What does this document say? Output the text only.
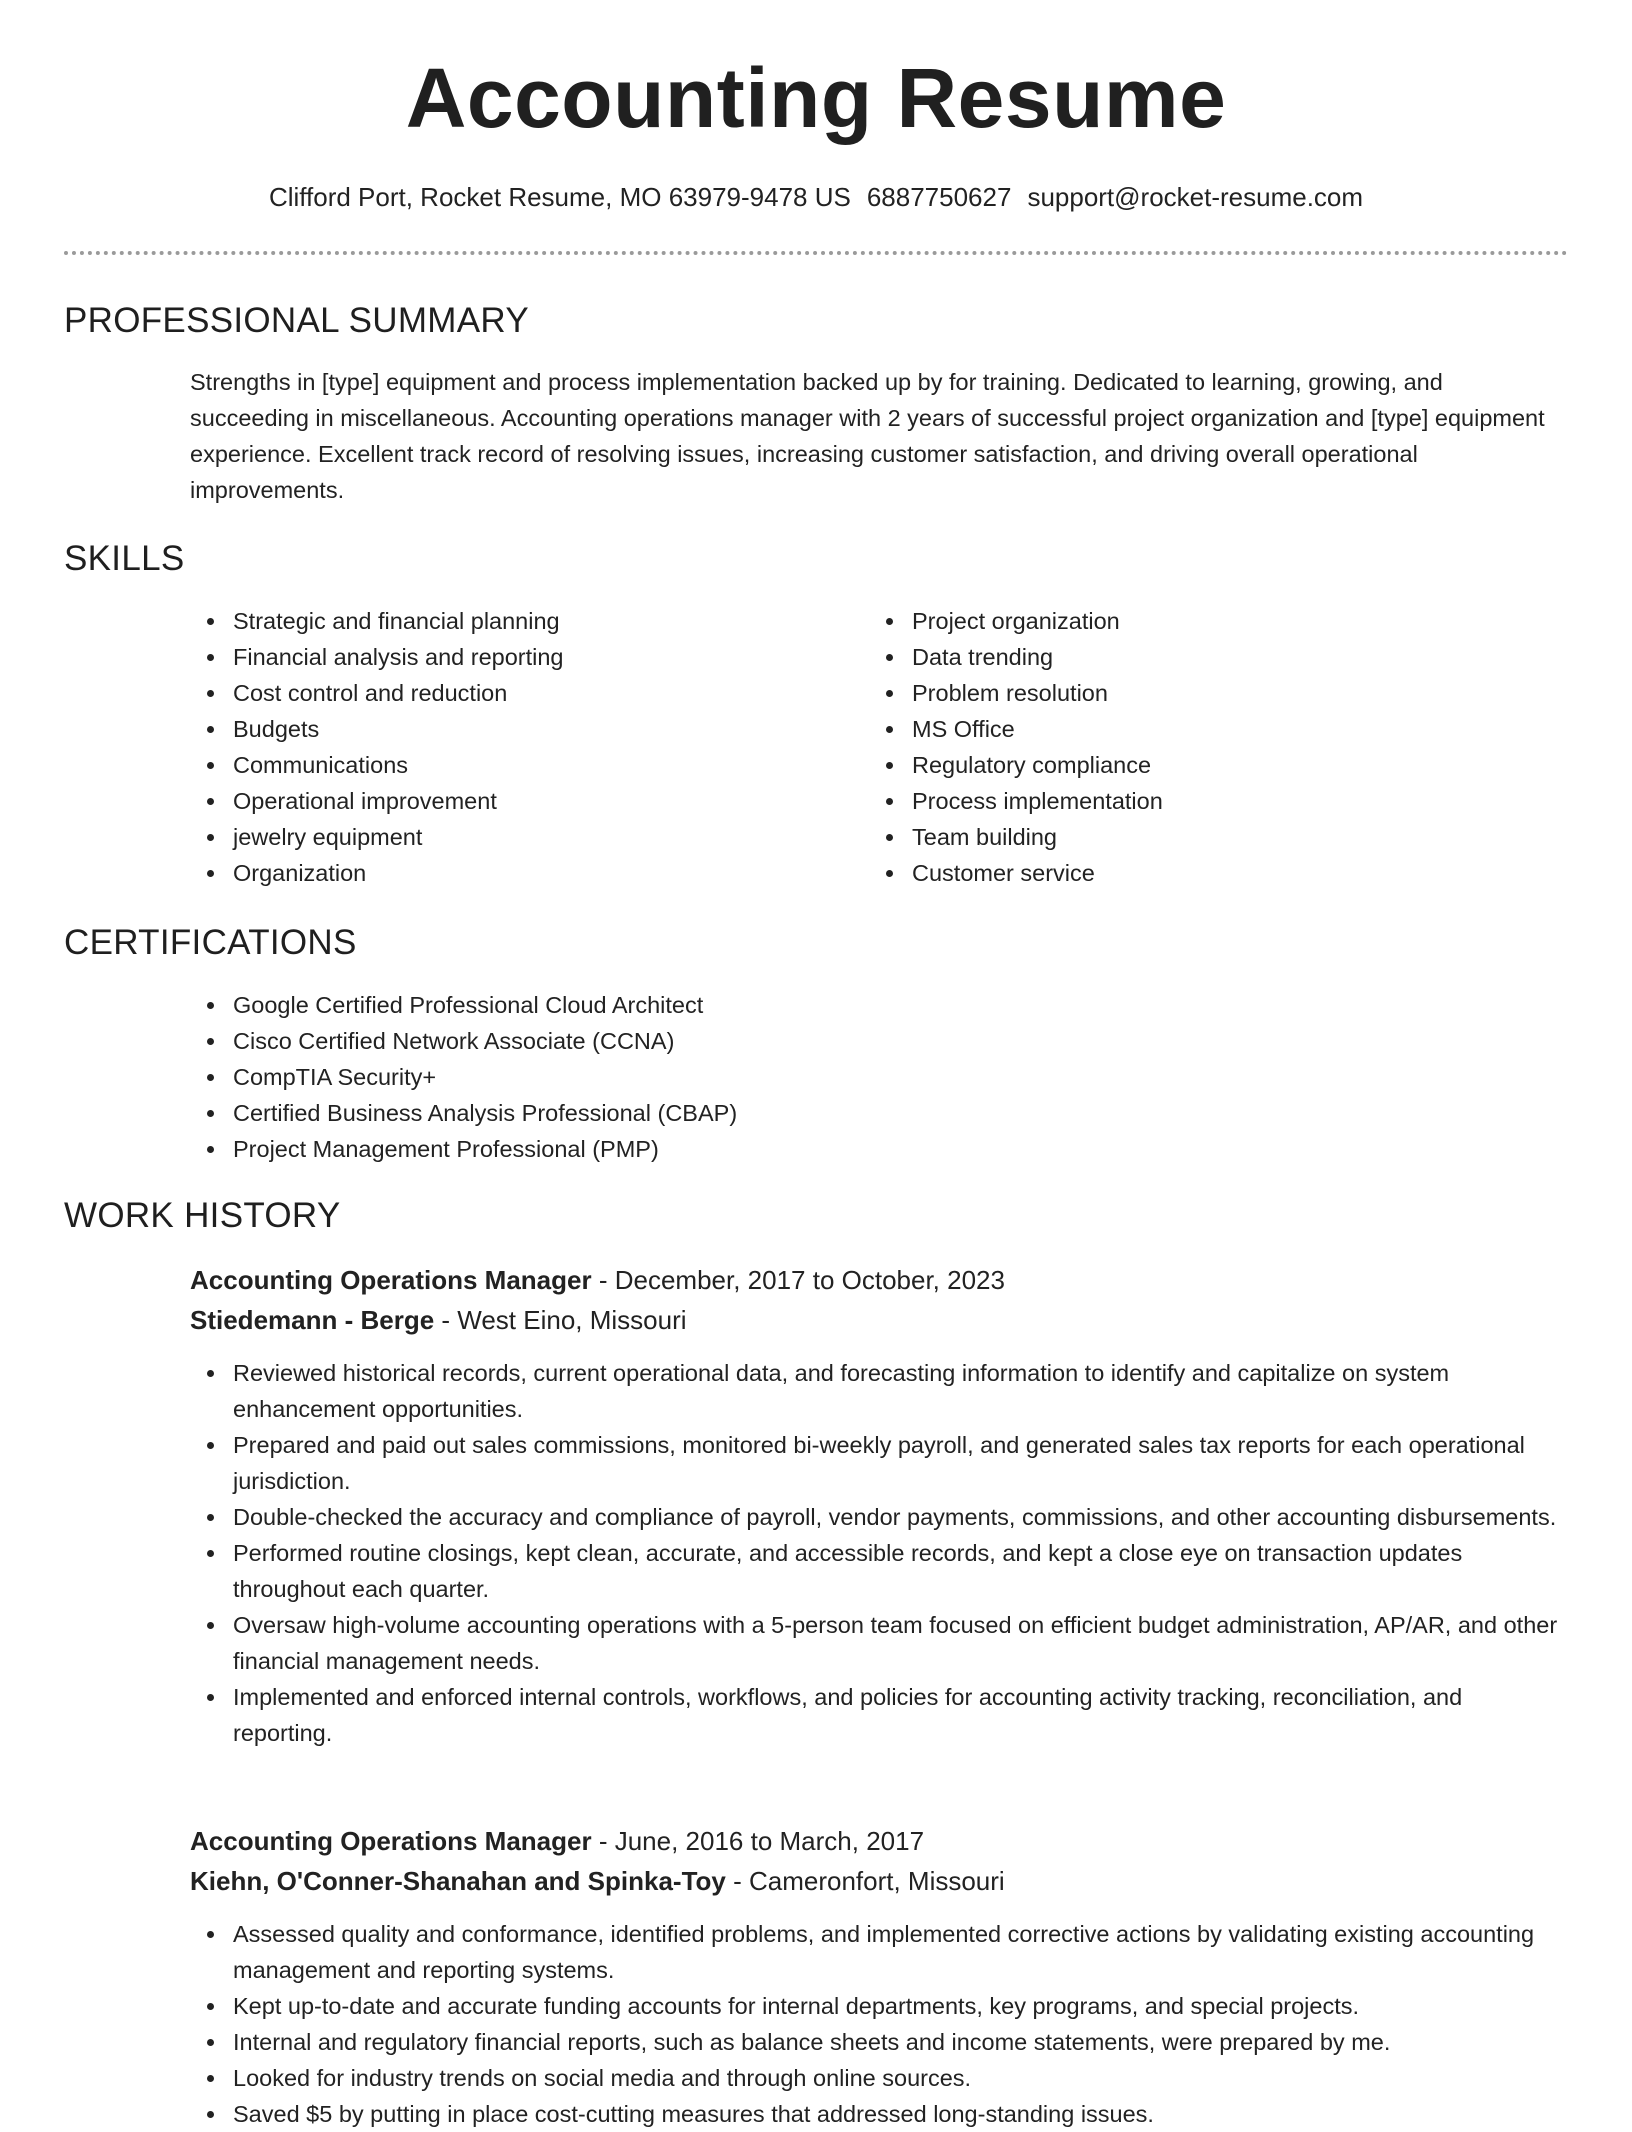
Accounting Resume
Clifford Port, Rocket Resume, MO 63979-9478 US 6887750627 support@rocket-resume.com
PROFESSIONAL SUMMARY

Strengths in [type] equipment and process implementation backed up by for training. Dedicated to learning, growing, and succeeding in miscellaneous. Accounting operations manager with 2 years of successful project organization and [type] equipment experience. Excellent track record of resolving issues, increasing customer satisfaction, and driving overall operational improvements.

SKILLS
Strategic and financial planning
Financial analysis and reporting
Cost control and reduction
Budgets
Communications
Operational improvement
jewelry equipment
Organization
Project organization
Data trending
Problem resolution
MS Office
Regulatory compliance
Process implementation
Team building
Customer service
CERTIFICATIONS
Google Certified Professional Cloud Architect
Cisco Certified Network Associate (CCNA)
CompTIA Security+
Certified Business Analysis Professional (CBAP)
Project Management Professional (PMP)
WORK HISTORY
Accounting Operations Manager - December, 2017 to October, 2023
Stiedemann - Berge - West Eino, Missouri
Reviewed historical records, current operational data, and forecasting information to identify and capitalize on system enhancement opportunities.
Prepared and paid out sales commissions, monitored bi-weekly payroll, and generated sales tax reports for each operational jurisdiction.
Double-checked the accuracy and compliance of payroll, vendor payments, commissions, and other accounting disbursements.
Performed routine closings, kept clean, accurate, and accessible records, and kept a close eye on transaction updates throughout each quarter.
Oversaw high-volume accounting operations with a 5-person team focused on efficient budget administration, AP/AR, and other financial management needs.
Implemented and enforced internal controls, workflows, and policies for accounting activity tracking, reconciliation, and reporting.
Accounting Operations Manager - June, 2016 to March, 2017
Kiehn, O'Conner-Shanahan and Spinka-Toy - Cameronfort, Missouri
Assessed quality and conformance, identified problems, and implemented corrective actions by validating existing accounting management and reporting systems.
Kept up-to-date and accurate funding accounts for internal departments, key programs, and special projects.
Internal and regulatory financial reports, such as balance sheets and income statements, were prepared by me.
Looked for industry trends on social media and through online sources.
Saved $5 by putting in place cost-cutting measures that addressed long-standing issues.
